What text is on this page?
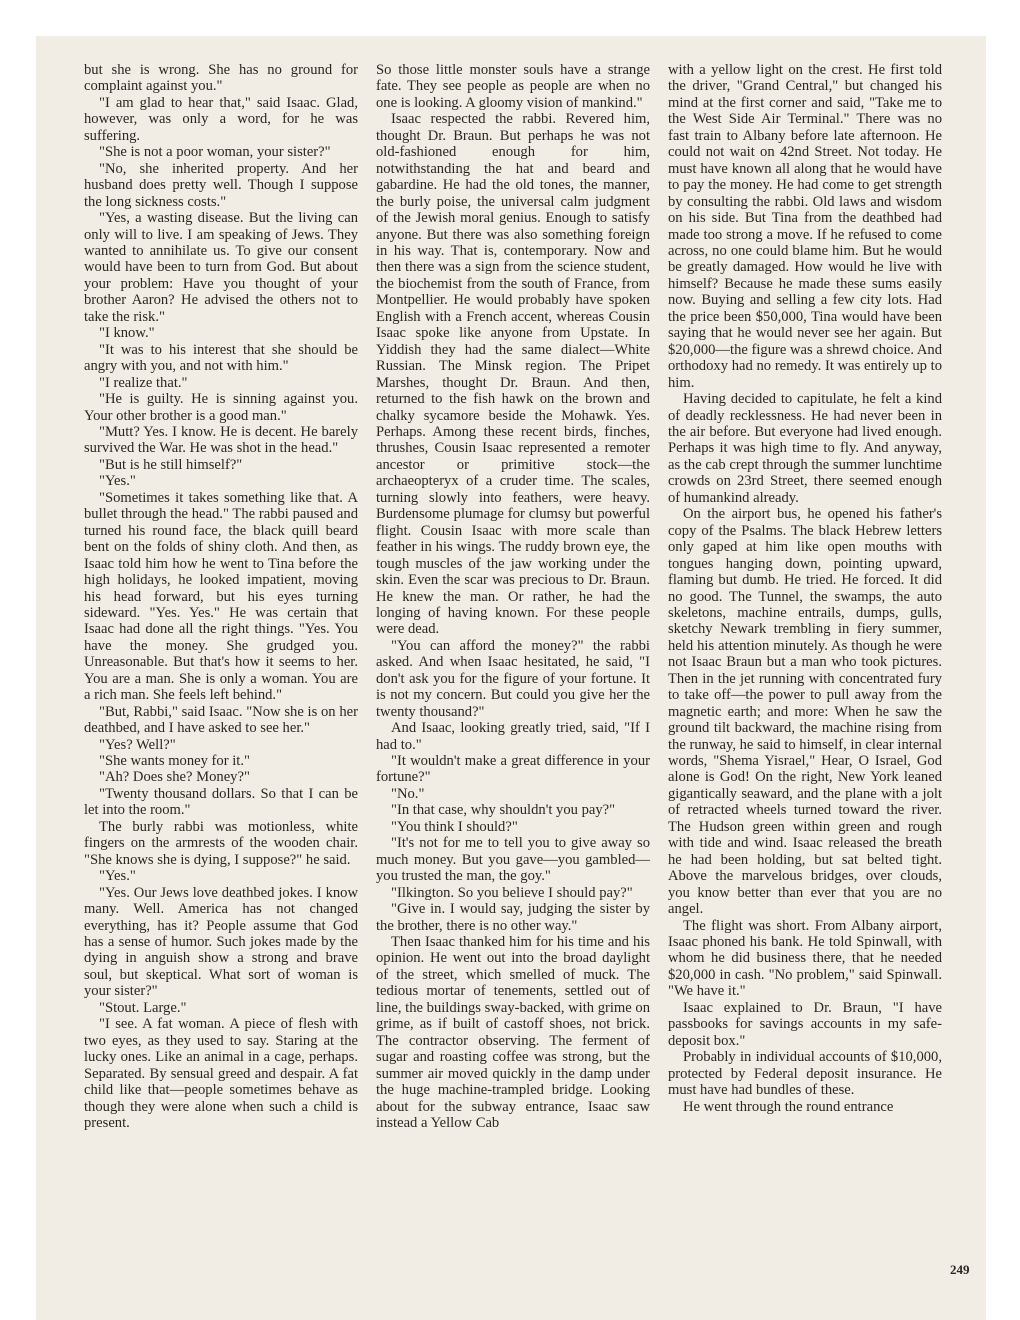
but she is wrong. She has no ground for complaint against you."

"I am glad to hear that," said Isaac. Glad, however, was only a word, for he was suffering.

"She is not a poor woman, your sister?"

"No, she inherited property. And her husband does pretty well. Though I suppose the long sickness costs."

"Yes, a wasting disease. But the living can only will to live. I am speaking of Jews. They wanted to annihilate us. To give our consent would have been to turn from God. But about your problem: Have you thought of your brother Aaron? He advised the others not to take the risk."

"I know."

"It was to his interest that she should be angry with you, and not with him."

"I realize that."

"He is guilty. He is sinning against you. Your other brother is a good man."

"Mutt? Yes. I know. He is decent. He barely survived the War. He was shot in the head."

"But is he still himself?"

"Yes."

"Sometimes it takes something like that. A bullet through the head." The rabbi paused and turned his round face, the black quill beard bent on the folds of shiny cloth. And then, as Isaac told him how he went to Tina before the high holidays, he looked impatient, moving his head forward, but his eyes turning sideward. "Yes. Yes." He was certain that Isaac had done all the right things. "Yes. You have the money. She grudged you. Unreasonable. But that's how it seems to her. You are a man. She is only a woman. You are a rich man. She feels left behind."

"But, Rabbi," said Isaac. "Now she is on her deathbed, and I have asked to see her."

"Yes? Well?"

"She wants money for it."

"Ah? Does she? Money?"

"Twenty thousand dollars. So that I can be let into the room."

The burly rabbi was motionless, white fingers on the armrests of the wooden chair. "She knows she is dying, I suppose?" he said.

"Yes."

"Yes. Our Jews love deathbed jokes. I know many. Well. America has not changed everything, has it? People assume that God has a sense of humor. Such jokes made by the dying in anguish show a strong and brave soul, but skeptical. What sort of woman is your sister?"

"Stout. Large."

"I see. A fat woman. A piece of flesh with two eyes, as they used to say. Staring at the lucky ones. Like an animal in a cage, perhaps. Separated. By sensual greed and despair. A fat child like that—people sometimes behave as though they were alone when such a child is present.

So those little monster souls have a strange fate. They see people as people are when no one is looking. A gloomy vision of mankind."

Isaac respected the rabbi. Revered him, thought Dr. Braun. But perhaps he was not old-fashioned enough for him, notwithstanding the hat and beard and gabardine. He had the old tones, the manner, the burly poise, the universal calm judgment of the Jewish moral genius. Enough to satisfy anyone. But there was also something foreign in his way. That is, contemporary. Now and then there was a sign from the science student, the biochemist from the south of France, from Montpellier. He would probably have spoken English with a French accent, whereas Cousin Isaac spoke like anyone from Upstate. In Yiddish they had the same dialect—White Russian. The Minsk region. The Pripet Marshes, thought Dr. Braun. And then, returned to the fish hawk on the brown and chalky sycamore beside the Mohawk. Yes. Perhaps. Among these recent birds, finches, thrushes, Cousin Isaac represented a remoter ancestor or primitive stock—the archaeopteryx of a cruder time. The scales, turning slowly into feathers, were heavy. Burdensome plumage for clumsy but powerful flight. Cousin Isaac with more scale than feather in his wings. The ruddy brown eye, the tough muscles of the jaw working under the skin. Even the scar was precious to Dr. Braun. He knew the man. Or rather, he had the longing of having known. For these people were dead.

"You can afford the money?" the rabbi asked. And when Isaac hesitated, he said, "I don't ask you for the figure of your fortune. It is not my concern. But could you give her the twenty thousand?"

And Isaac, looking greatly tried, said, "If I had to."

"It wouldn't make a great difference in your fortune?"

"No."

"In that case, why shouldn't you pay?"

"You think I should?"

"It's not for me to tell you to give away so much money. But you gave—you gambled—you trusted the man, the goy."

"Ilkington. So you believe I should pay?"

"Give in. I would say, judging the sister by the brother, there is no other way."

Then Isaac thanked him for his time and his opinion. He went out into the broad daylight of the street, which smelled of muck. The tedious mortar of tenements, settled out of line, the buildings sway-backed, with grime on grime, as if built of castoff shoes, not brick. The contractor observing. The ferment of sugar and roasting coffee was strong, but the summer air moved quickly in the damp under the huge machine-trampled bridge. Looking about for the subway entrance, Isaac saw instead a Yellow Cab

with a yellow light on the crest. He first told the driver, "Grand Central," but changed his mind at the first corner and said, "Take me to the West Side Air Terminal." There was no fast train to Albany before late afternoon. He could not wait on 42nd Street. Not today. He must have known all along that he would have to pay the money. He had come to get strength by consulting the rabbi. Old laws and wisdom on his side. But Tina from the deathbed had made too strong a move. If he refused to come across, no one could blame him. But he would be greatly damaged. How would he live with himself? Because he made these sums easily now. Buying and selling a few city lots. Had the price been $50,000, Tina would have been saying that he would never see her again. But $20,000—the figure was a shrewd choice. And orthodoxy had no remedy. It was entirely up to him.

Having decided to capitulate, he felt a kind of deadly recklessness. He had never been in the air before. But everyone had lived enough. Perhaps it was high time to fly. And anyway, as the cab crept through the summer lunchtime crowds on 23rd Street, there seemed enough of humankind already.

On the airport bus, he opened his father's copy of the Psalms. The black Hebrew letters only gaped at him like open mouths with tongues hanging down, pointing upward, flaming but dumb. He tried. He forced. It did no good. The Tunnel, the swamps, the auto skeletons, machine entrails, dumps, gulls, sketchy Newark trembling in fiery summer, held his attention minutely. As though he were not Isaac Braun but a man who took pictures. Then in the jet running with concentrated fury to take off—the power to pull away from the magnetic earth; and more: When he saw the ground tilt backward, the machine rising from the runway, he said to himself, in clear internal words, "Shema Yisrael," Hear, O Israel, God alone is God! On the right, New York leaned gigantically seaward, and the plane with a jolt of retracted wheels turned toward the river. The Hudson green within green and rough with tide and wind. Isaac released the breath he had been holding, but sat belted tight. Above the marvelous bridges, over clouds, you know better than ever that you are no angel.

The flight was short. From Albany airport, Isaac phoned his bank. He told Spinwall, with whom he did business there, that he needed $20,000 in cash. "No problem," said Spinwall. "We have it."

Isaac explained to Dr. Braun, "I have passbooks for savings accounts in my safe-deposit box."

Probably in individual accounts of $10,000, protected by Federal deposit insurance. He must have had bundles of these.

He went through the round entrance

249
